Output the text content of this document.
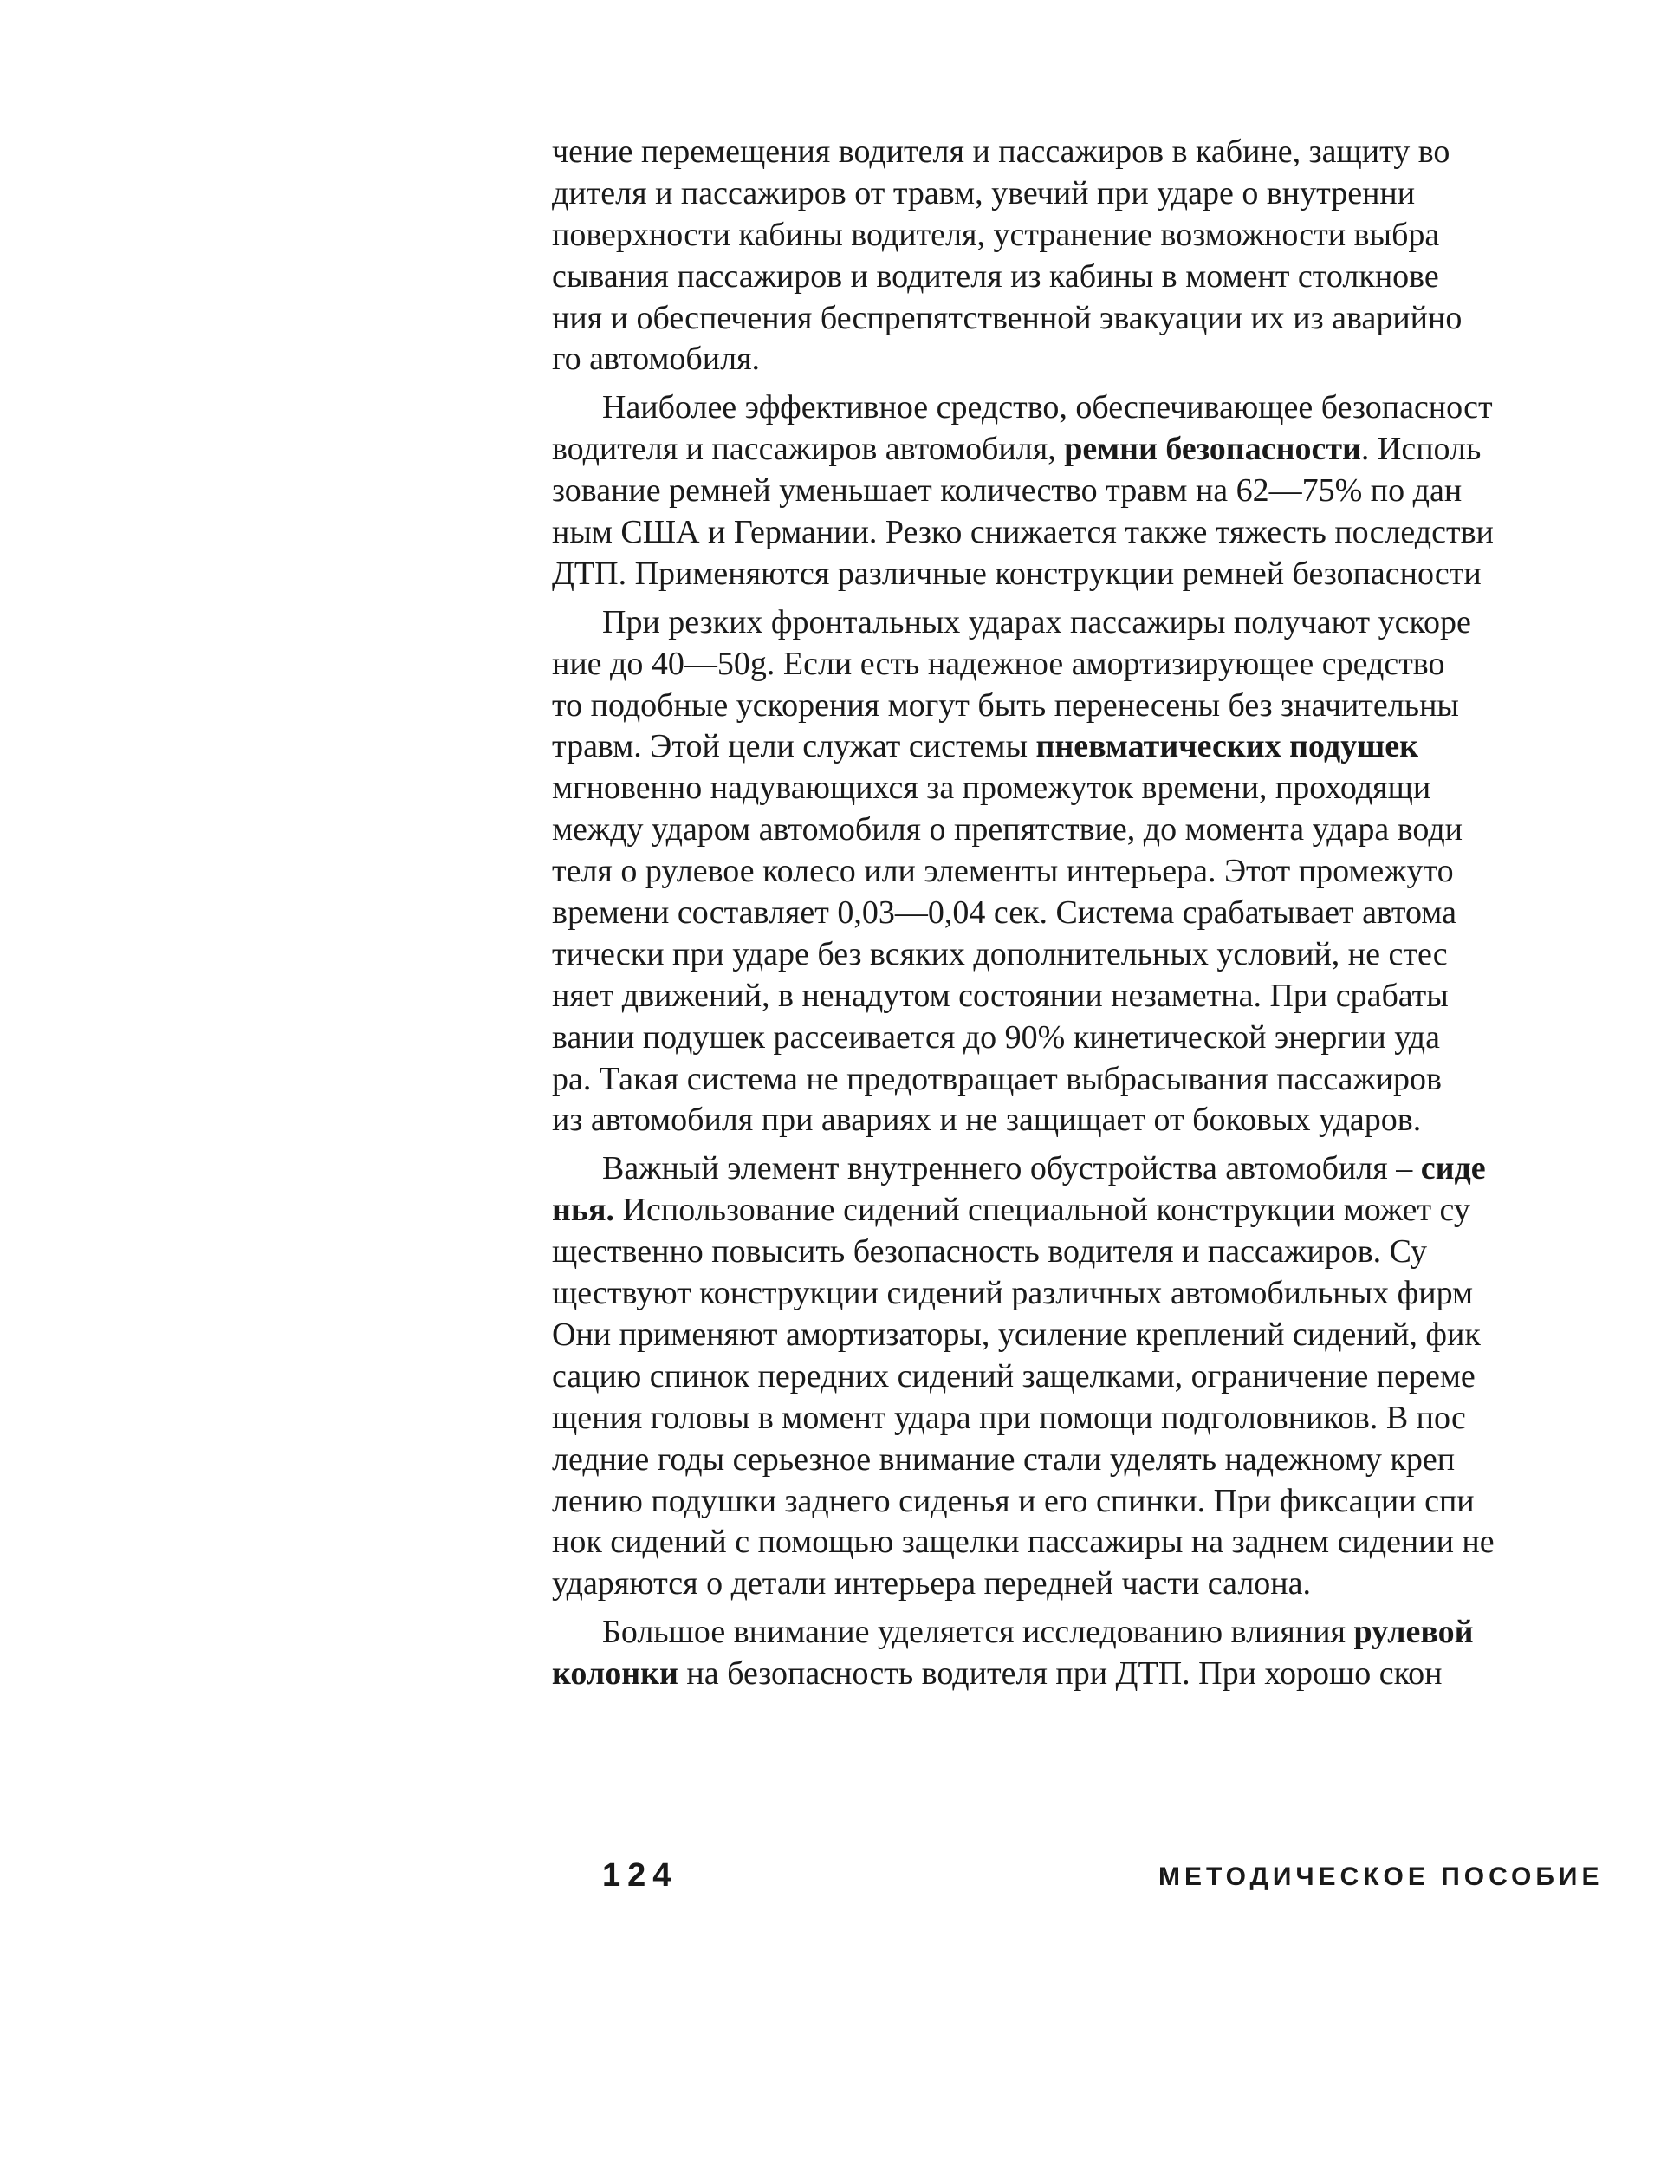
чение перемещения водителя и пассажиров в кабине, защиту во
дителя и пассажиров от травм, увечий при ударе о внутренни
поверхности кабины водителя, устранение возможности выбра
сывания пассажиров и водителя из кабины в момент столкнове
ния и обеспечения беспрепятственной эвакуации их из аварийно
го автомобиля.

Наиболее эффективное средство, обеспечивающее безопасност
водителя и пассажиров автомобиля, ремни безопасности. Исполь
зование ремней уменьшает количество травм на 62—75% по дан
ным США и Германии. Резко снижается также тяжесть последстви
ДТП. Применяются различные конструкции ремней безопасности

При резких фронтальных ударах пассажиры получают ускоре
ние до 40—50g. Если есть надежное амортизирующее средство
то подобные ускорения могут быть перенесены без значительны
травм. Этой цели служат системы пневматических подушек
мгновенно надувающихся за промежуток времени, проходящи
между ударом автомобиля о препятствие, до момента удара води
теля о рулевое колесо или элементы интерьера. Этот промежуто
времени составляет 0,03—0,04 сек. Система срабатывает автома
тически при ударе без всяких дополнительных условий, не стес
няет движений, в ненадутом состоянии незаметна. При срабаты
вании подушек рассеивается до 90% кинетической энергии уда
ра. Такая система не предотвращает выбрасывания пассажиров
из автомобиля при авариях и не защищает от боковых ударов.

Важный элемент внутреннего обустройства автомобиля – сиде
нья. Использование сидений специальной конструкции может су
щественно повысить безопасность водителя и пассажиров. Су
ществуют конструкции сидений различных автомобильных фирм
Они применяют амортизаторы, усиление креплений сидений, фик
сацию спинок передних сидений защелками, ограничение переме
щения головы в момент удара при помощи подголовников. В пос
ледние годы серьезное внимание стали уделять надежному креп
лению подушки заднего сиденья и его спинки. При фиксации спи
нок сидений с помощью защелки пассажиры на заднем сидении не
ударяются о детали интерьера передней части салона.

Большое внимание уделяется исследованию влияния рулевой
колонки на безопасность водителя при ДТП. При хорошо скон

124	МЕТОДИЧЕСКОЕ ПОСОБИЕ
